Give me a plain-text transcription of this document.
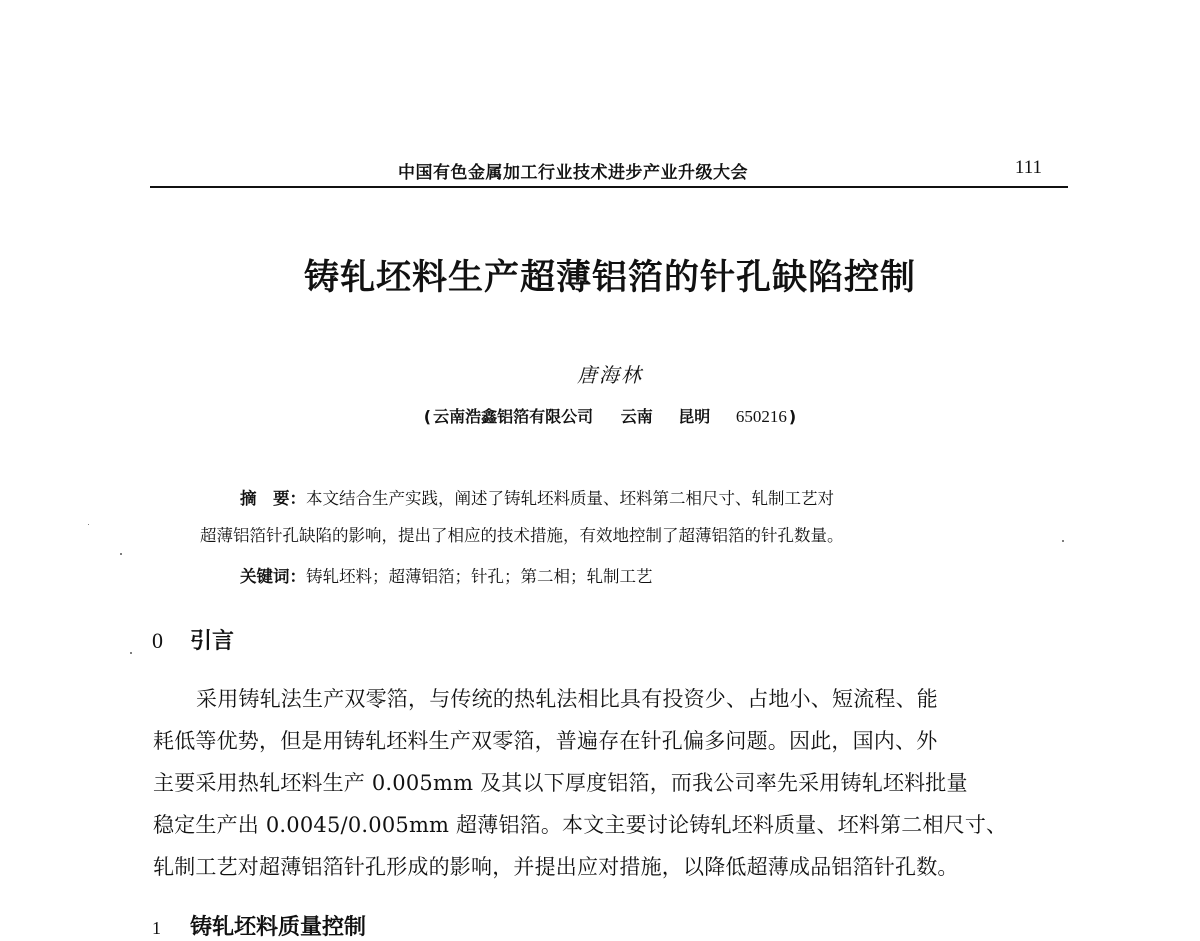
中国有色金属加工行业技术进步产业升级大会	111
铸轧坯料生产超薄铝箔的针孔缺陷控制
唐海林
( 云南浩鑫铝箔有限公司 云南 昆明 650216 )
摘　要：本文结合生产实践，阐述了铸轧坯料质量、坯料第二相尺寸、轧制工艺对
超薄铝箔针孔缺陷的影响，提出了相应的技术措施，有效地控制了超薄铝箔的针孔数量。
关键词：铸轧坯料；超薄铝箔；针孔；第二相；轧制工艺
0 引言
采用铸轧法生产双零箔，与传统的热轧法相比具有投资少、占地小、短流程、能
耗低等优势，但是用铸轧坯料生产双零箔，普遍存在针孔偏多问题。因此，国内、外
主要采用热轧坯料生产 0.005mm 及其以下厚度铝箔，而我公司率先采用铸轧坯料批量
稳定生产出 0.0045/0.005mm 超薄铝箔。本文主要讨论铸轧坯料质量、坯料第二相尺寸、
轧制工艺对超薄铝箔针孔形成的影响，并提出应对措施，以降低超薄成品铝箔针孔数。
1 铸轧坯料质量控制
